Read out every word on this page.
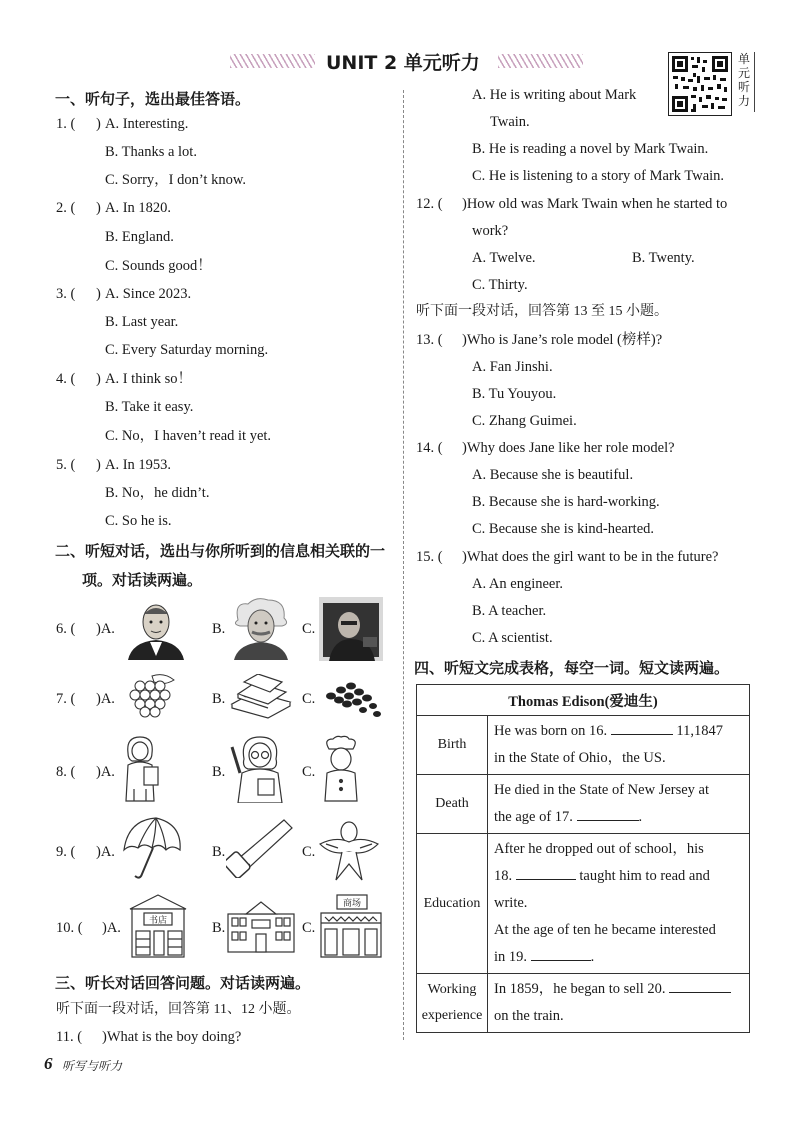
UNIT 2 单元听力	单元听力
一、听句子，选出最佳答语。
1. ( ) A. Interesting.
B. Thanks a lot.
C. Sorry，I don’t know.
2. ( ) A. In 1820.
B. England.
C. Sounds good！
3. ( ) A. Since 2023.
B. Last year.
C. Every Saturday morning.
4. ( ) A. I think so！
B. Take it easy.
C. No，I haven’t read it yet.
5. ( ) A. In 1953.
B. No，he didn’t.
C. So he is.
二、听短对话，选出与你所听到的信息相关联的一
项。对话读两遍。
6. ( )A.	B.	C.
7. ( )A.	B.	C.
8. ( )A.	B.	C.
9. ( )A.	B.	C.
10. ( )A.	书店	B.	C.
商场
三、听长对话回答问题。对话读两遍。
听下面一段对话，回答第 11、12 小题。
11. ( )What is the boy doing?
A. He is writing about Mark
Twain.
B. He is reading a novel by Mark Twain.
C. He is listening to a story of Mark Twain.
12. ( )How old was Mark Twain when he started to
work?
A. Twelve.	B. Twenty.
C. Thirty.
听下面一段对话，回答第 13 至 15 小题。
13. ( )Who is Jane’s role model (榜样)?
A. Fan Jinshi.
B. Tu Youyou.
C. Zhang Guimei.
14. ( )Why does Jane like her role model?
A. Because she is beautiful.
B. Because she is hard-working.
C. Because she is kind-hearted.
15. ( )What does the girl want to be in the future?
A. An engineer.
B. A teacher.
C. A scientist.
四、听短文完成表格，每空一词。短文读两遍。
Thomas Edison(爱迪生)	
Birth	He was born on 16. 11,1847
in the State of Ohio，the US.
Death	He died in the State of New Jersey at
the age of 17. .
Education	After he dropped out of school，his
18. taught him to read and
write.
At the age of ten he became interested
in 19. .
Working
experience	In 1859，he began to sell 20.
on the train.
6 听写与听力
